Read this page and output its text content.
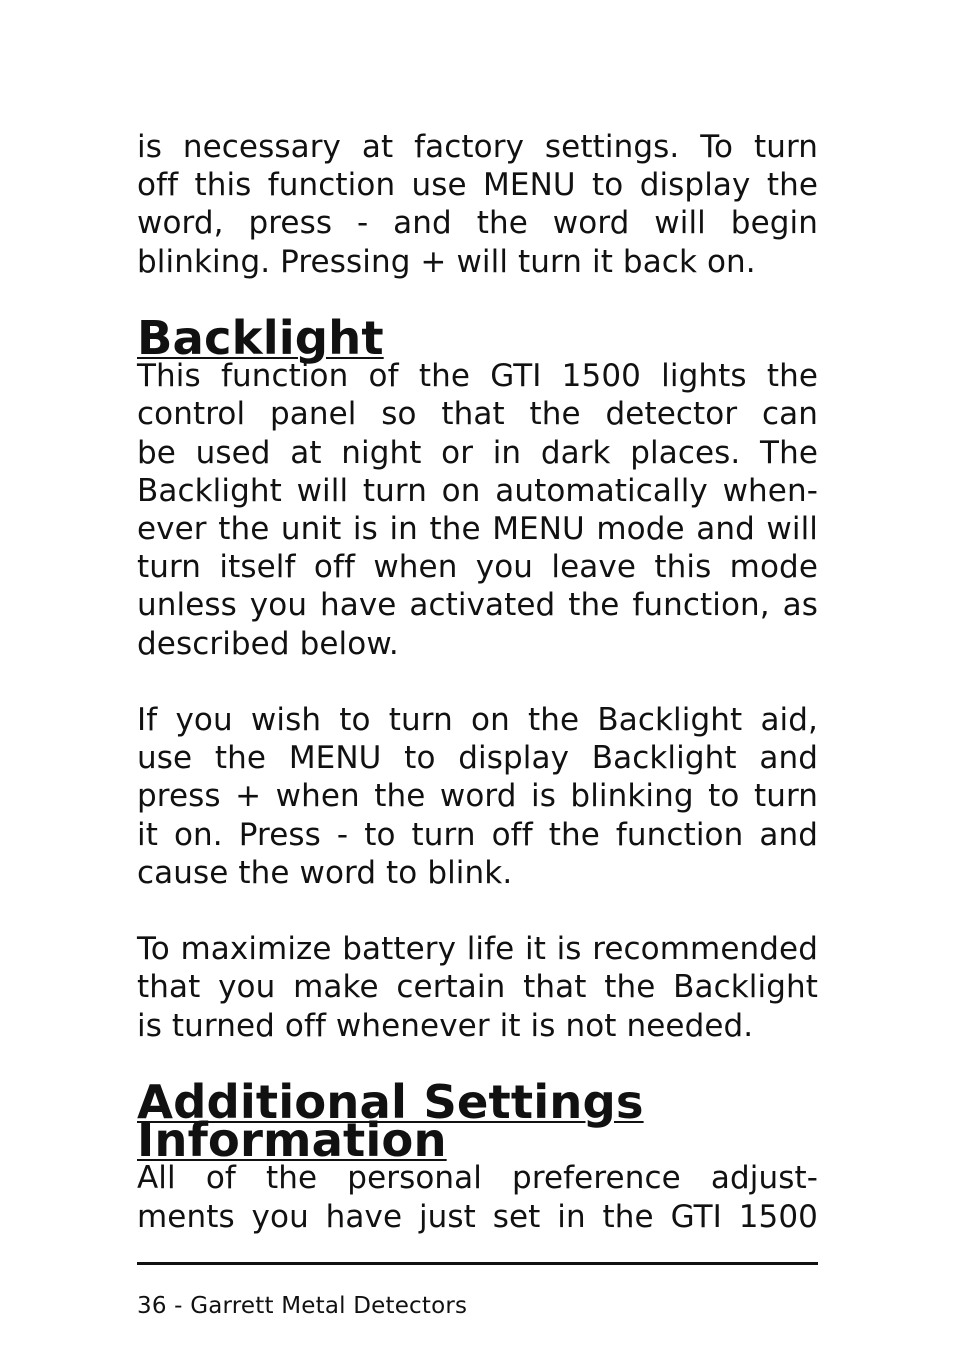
is necessary at factory settings. To turn
off this function use MENU to display the
word, press - and the word will begin
blinking. Pressing + will turn it back on.

Backlight

This function of the GTI 1500 lights the
control panel so that the detector can
be used at night or in dark places. The
Backlight will turn on automatically when-
ever the unit is in the MENU mode and will
turn itself off when you leave this mode
unless you have activated the function, as
described below.

If you wish to turn on the Backlight aid,
use the MENU to display Backlight and
press + when the word is blinking to turn
it on. Press - to turn off the function and
cause the word to blink.

To maximize battery life it is recommended
that you make certain that the Backlight
is turned off whenever it is not needed.

Additional Settings Information

All of the personal preference adjust-
ments you have just set in the GTI 1500

36 - Garrett Metal Detectors
